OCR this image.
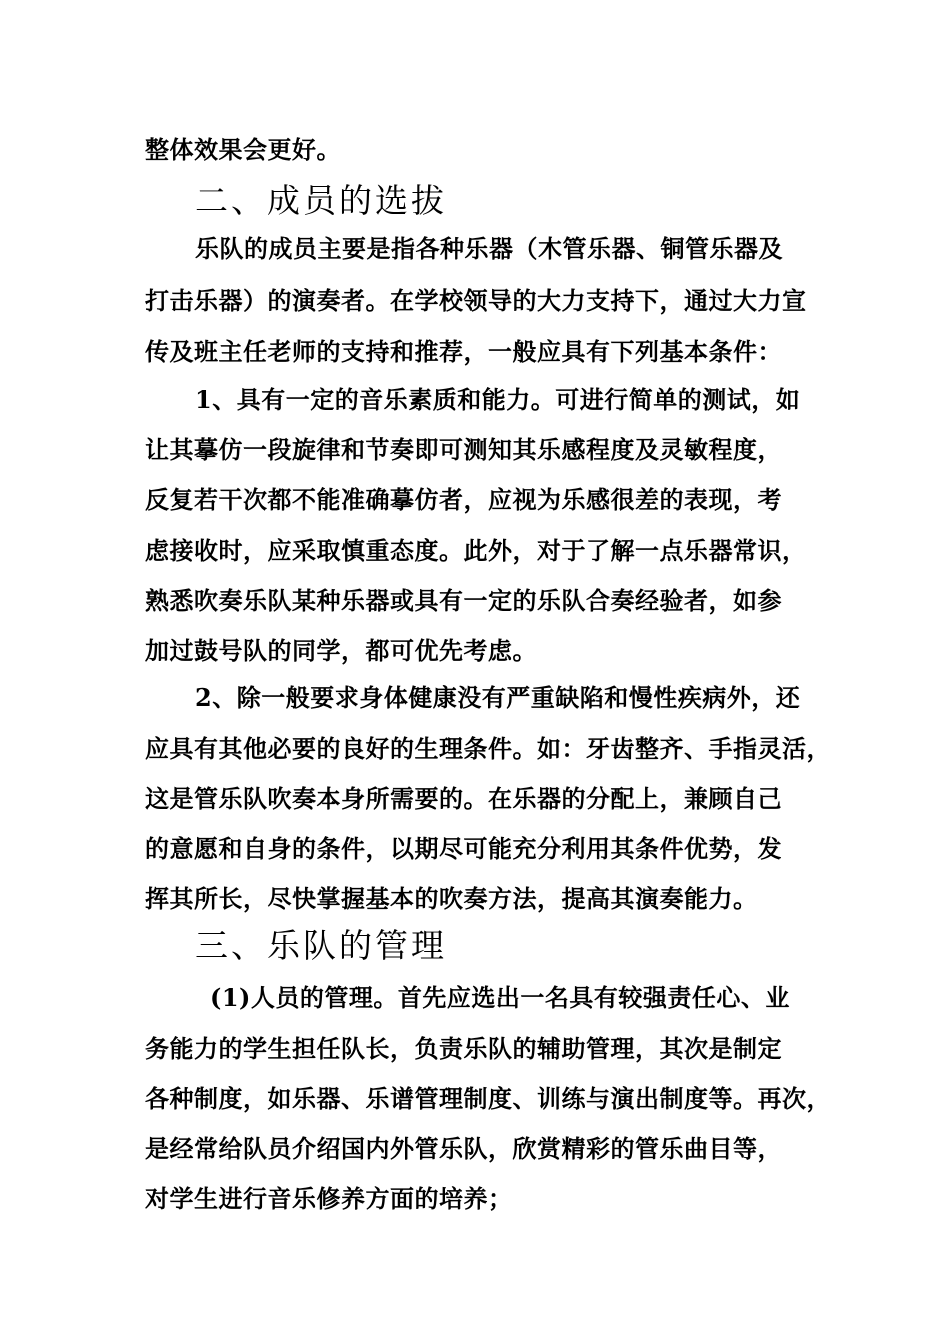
整体效果会更好。
二、成员的选拔
乐队的成员主要是指各种乐器（木管乐器、铜管乐器及
打击乐器）的演奏者。在学校领导的大力支持下，通过大力宣
传及班主任老师的支持和推荐，一般应具有下列基本条件：
1、具有一定的音乐素质和能力。可进行简单的测试，如
让其摹仿一段旋律和节奏即可测知其乐感程度及灵敏程度，
反复若干次都不能准确摹仿者，应视为乐感很差的表现，考
虑接收时，应采取慎重态度。此外，对于了解一点乐器常识，
熟悉吹奏乐队某种乐器或具有一定的乐队合奏经验者，如参
加过鼓号队的同学，都可优先考虑。
2、除一般要求身体健康没有严重缺陷和慢性疾病外，还
应具有其他必要的良好的生理条件。如：牙齿整齐、手指灵活，
这是管乐队吹奏本身所需要的。在乐器的分配上，兼顾自己
的意愿和自身的条件，以期尽可能充分利用其条件优势，发
挥其所长，尽快掌握基本的吹奏方法，提高其演奏能力。
三、乐队的管理
(1)人员的管理。首先应选出一名具有较强责任心、业
务能力的学生担任队长，负责乐队的辅助管理，其次是制定
各种制度，如乐器、乐谱管理制度、训练与演出制度等。再次，
是经常给队员介绍国内外管乐队，欣赏精彩的管乐曲目等，
对学生进行音乐修养方面的培养；
